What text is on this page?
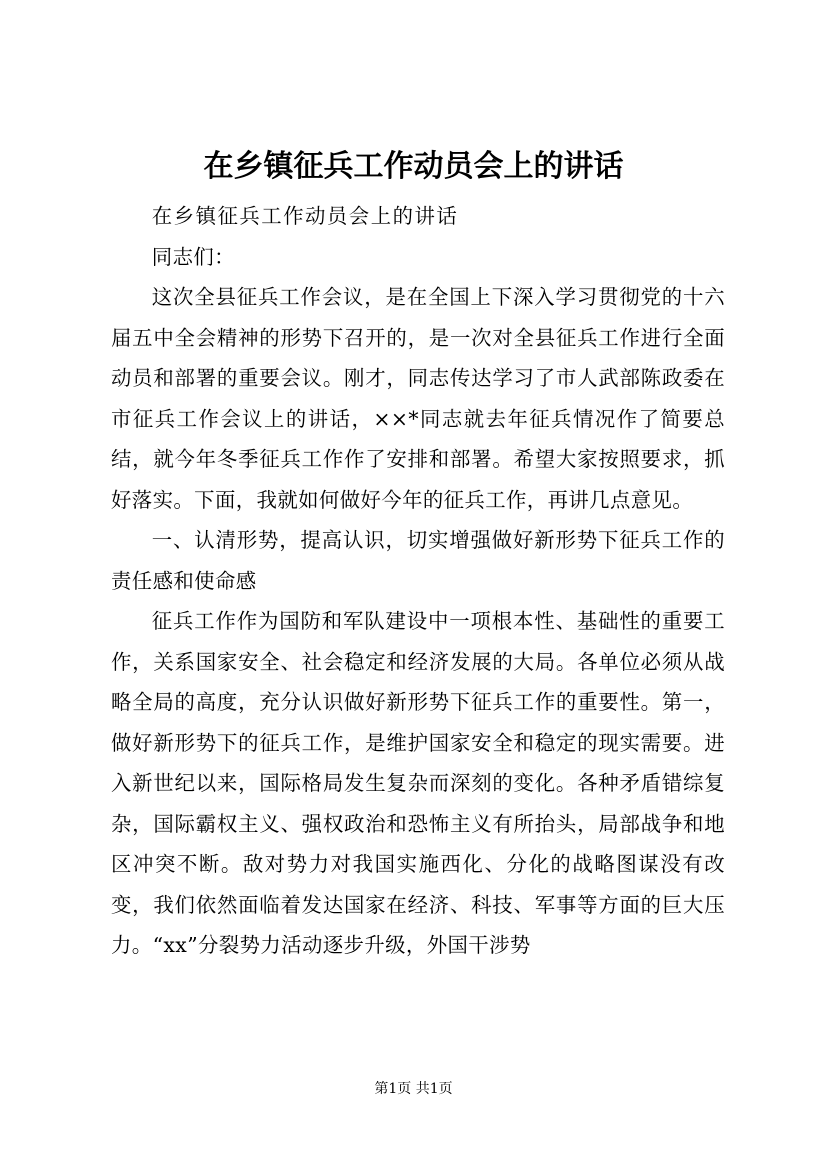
在乡镇征兵工作动员会上的讲话

在乡镇征兵工作动员会上的讲话

同志们：

这次全县征兵工作会议，是在全国上下深入学习贯彻党的十六届五中全会精神的形势下召开的，是一次对全县征兵工作进行全面动员和部署的重要会议。刚才，同志传达学习了市人武部陈政委在市征兵工作会议上的讲话，××*同志就去年征兵情况作了简要总结，就今年冬季征兵工作作了安排和部署。希望大家按照要求，抓好落实。下面，我就如何做好今年的征兵工作，再讲几点意见。

一、认清形势，提高认识，切实增强做好新形势下征兵工作的责任感和使命感

征兵工作作为国防和军队建设中一项根本性、基础性的重要工作，关系国家安全、社会稳定和经济发展的大局。各单位必须从战略全局的高度，充分认识做好新形势下征兵工作的重要性。第一，做好新形势下的征兵工作，是维护国家安全和稳定的现实需要。进入新世纪以来，国际格局发生复杂而深刻的变化。各种矛盾错综复杂，国际霸权主义、强权政治和恐怖主义有所抬头，局部战争和地区冲突不断。敌对势力对我国实施西化、分化的战略图谋没有改变，我们依然面临着发达国家在经济、科技、军事等方面的巨大压力。“xx”分裂势力活动逐步升级，外国干涉势

第1页 共1页
